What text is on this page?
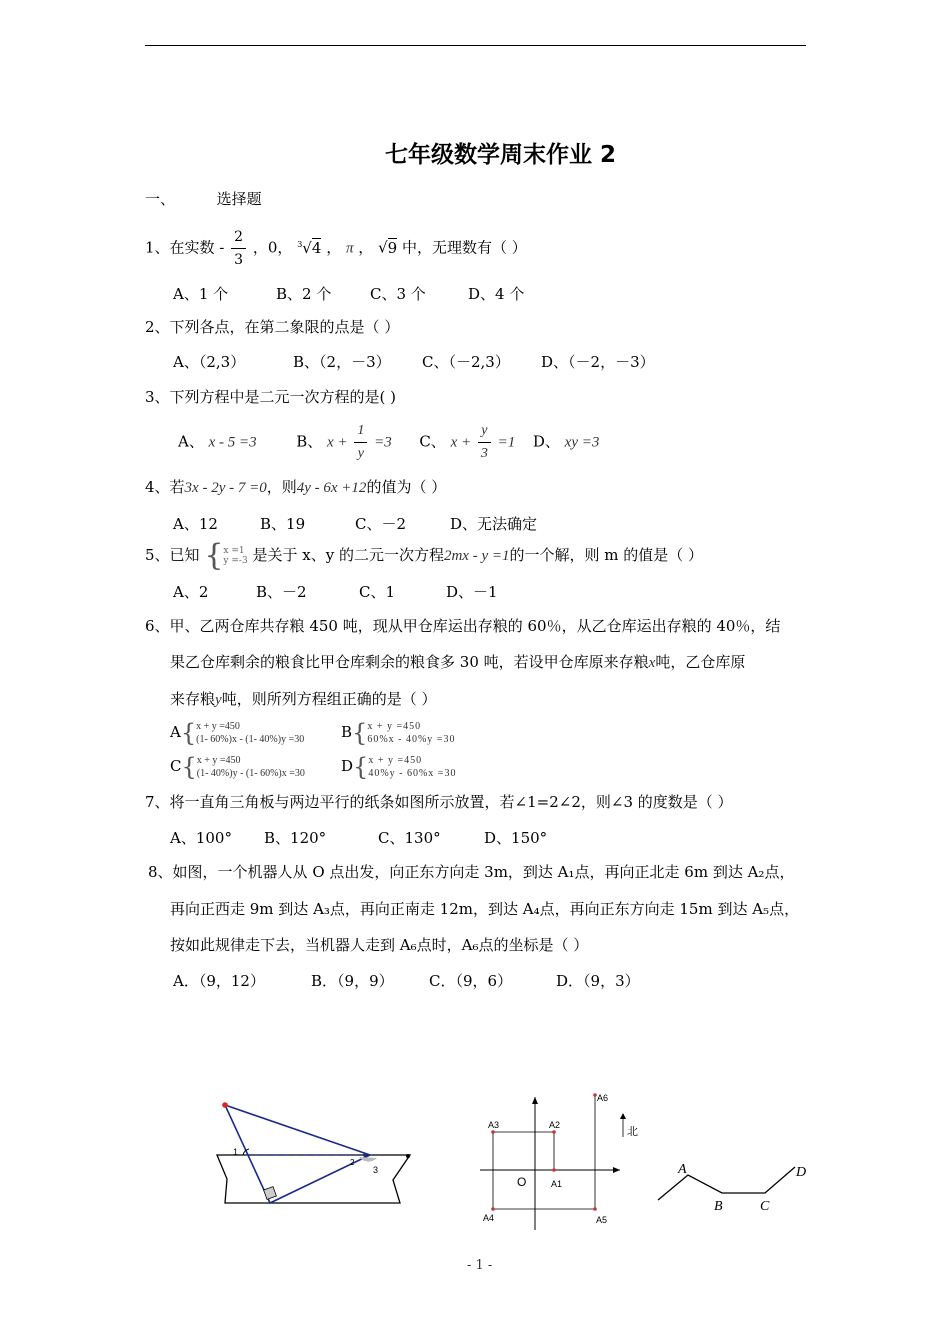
七年级数学周末作业 2
一、	选择题
1、在实数 - $\frac{2}{3}$ ，0， $^3$√4 ， π ， √9 中，无理数有（ ）
A、1 个	B、2 个	C、3 个	D、4 个
2、下列各点，在第二象限的点是（ ）
A、（2,3）	B、（2，－3） C、（－2,3） D、（－2，－3）
3、下列方程中是二元一次方程的是( )
A、 x - 5 =3	B、 $x + \frac{1}{y} =3$ C、 $x + \frac{y}{3} =1$ D、 xy =3
4、若3x - 2y - 7 =0，则4y - 6x +12的值为（ ）
A、12	B、19	C、－2	D、无法确定
5、已知 { x =1
y =-3 是关于 x、y 的二元一次方程2mx - y =1的一个解，则 m 的值是（ ）
A、2	B、－2	C、1	D、－1
6、甲、乙两仓库共存粮 450 吨，现从甲仓库运出存粮的 60％，从乙仓库运出存粮的 40％，结
果乙仓库剩余的粮食比甲仓库剩余的粮食多 30 吨，若设甲仓库原来存粮x吨，乙仓库原
来存粮y吨，则所列方程组正确的是（ ）
A{ x + y =450
(1- 60%)x - (1- 40%)y =30 B{ x + y =450
60%x - 40%y =30
C{ x + y =450
(1- 40%)y - (1- 60%)x =30 D{ x + y =450
40%y - 60%x =30
7、将一直角三角板与两边平行的纸条如图所示放置，若∠1=2∠2，则∠3 的度数是（ ）
A、100° B、120°	C、130°	D、150°
8、如图，一个机器人从 O 点出发，向正东方向走 3m，到达 A₁点，再向正北走 6m 到达 A₂点，
再向正西走 9m 到达 A₃点，再向正南走 12m，到达 A₄点，再向正东方向走 15m 到达 A₅点，
按如此规律走下去，当机器人走到 A₆点时，A₆点的坐标是（ ）
A．（9，12）	B．（9，9） C．（9，6）	D．（9，3）
1
2
3
A3	A2
A6
北
O	A1
A4	A5
A
B	C
D
- 1 -
